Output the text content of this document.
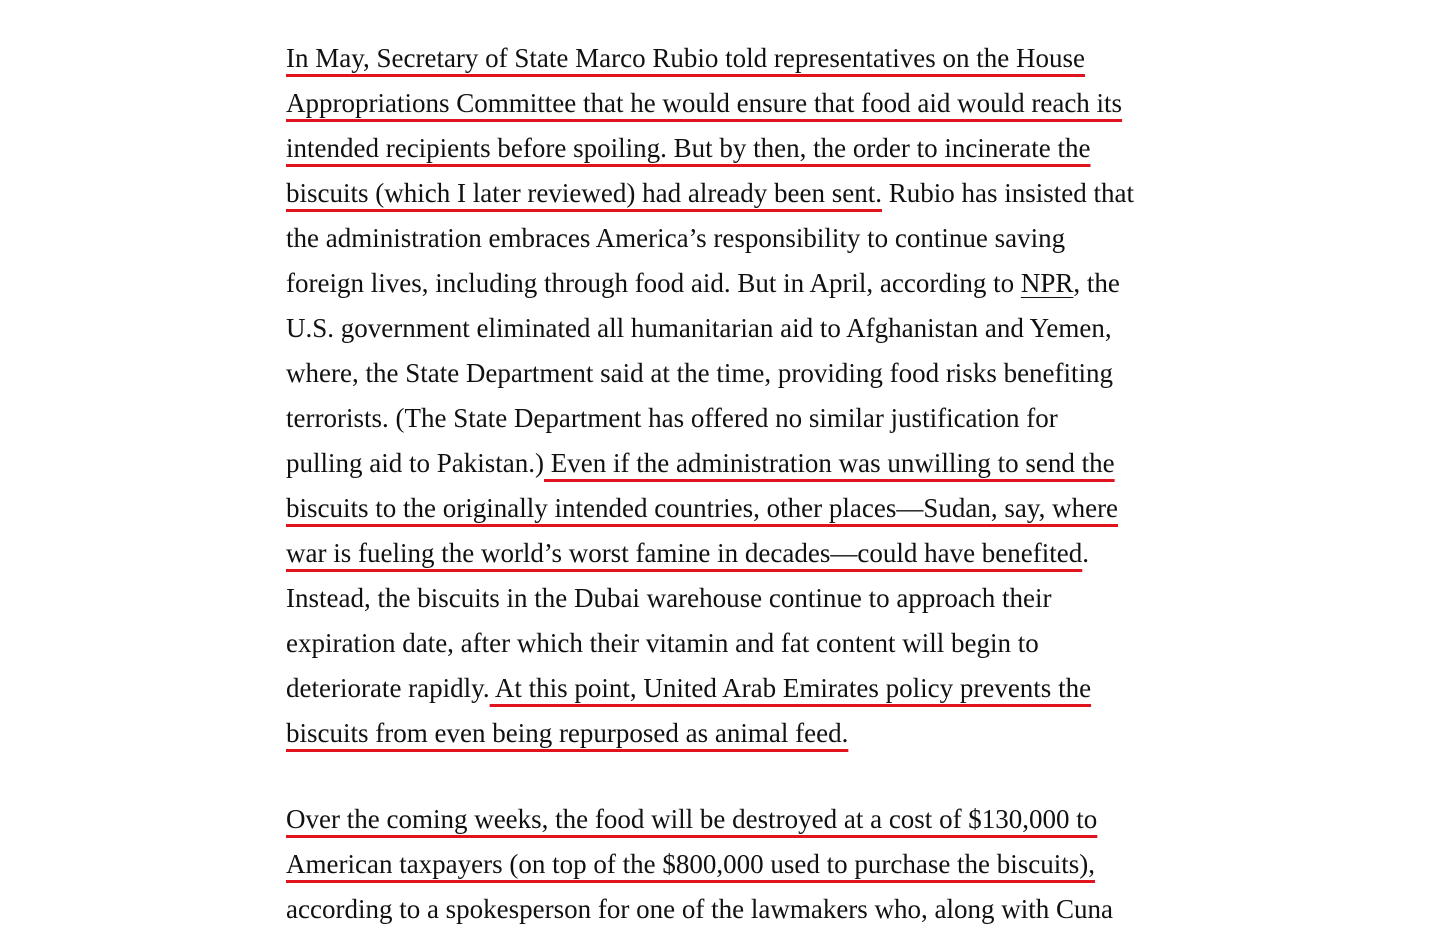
In May, Secretary of State Marco Rubio told representatives on the House
Appropriations Committee that he would ensure that food aid would reach its
intended recipients before spoiling. But by then, the order to incinerate the
biscuits (which I later reviewed) had already been sent. Rubio has insisted that
the administration embraces America’s responsibility to continue saving
foreign lives, including through food aid. But in April, according to NPR, the
U.S. government eliminated all humanitarian aid to Afghanistan and Yemen,
where, the State Department said at the time, providing food risks benefiting
terrorists. (The State Department has offered no similar justification for
pulling aid to Pakistan.) Even if the administration was unwilling to send the
biscuits to the originally intended countries, other places—Sudan, say, where
war is fueling the world’s worst famine in decades—could have benefited.
Instead, the biscuits in the Dubai warehouse continue to approach their
expiration date, after which their vitamin and fat content will begin to
deteriorate rapidly. At this point, United Arab Emirates policy prevents the
biscuits from even being repurposed as animal feed.

Over the coming weeks, the food will be destroyed at a cost of $130,000 to
American taxpayers (on top of the $800,000 used to purchase the biscuits),
according to a spokesperson for one of the lawmakers who, along with Cuna
